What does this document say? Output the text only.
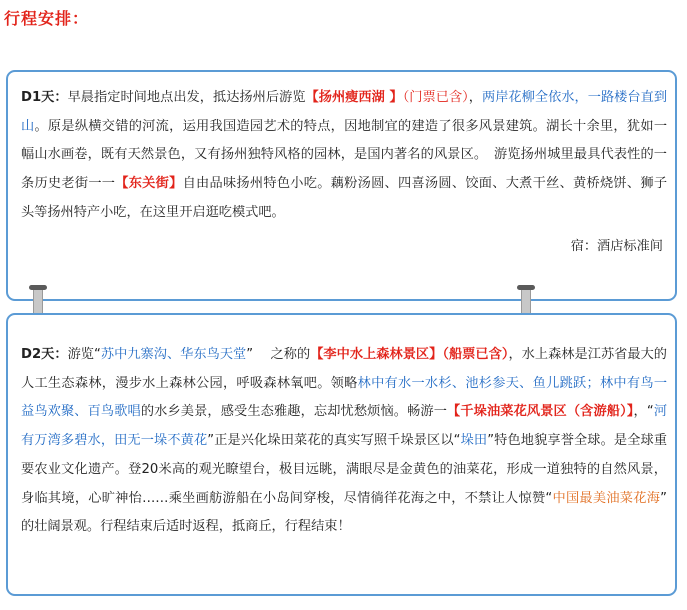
行程安排：
D1天：早晨指定时间地点出发，抵达扬州后游览【扬州瘦西湖 】（门票已含），两岸花柳全依水，一路楼台直到山。原是纵横交错的河流，运用我国造园艺术的特点，因地制宜的建造了很多风景建筑。湖长十余里，犹如一幅山水画卷，既有天然景色，又有扬州独特风格的园林，是国内著名的风景区。　游览扬州城里最具代表性的一条历史老街一一【东关街】自由品味扬州特色小吃。藕粉汤圆、四喜汤圆、饺面、大煮干丝、黄桥烧饼、狮子头等扬州特产小吃，在这里开启逛吃模式吧。
宿：酒店标准间
D2天：游览“苏中九寨沟、华东鸟天堂” 　之称的【李中水上森林景区】（船票已含），水上森林是江苏省最大的人工生态森林，漫步水上森林公园，呼吸森林氧吧。领略林中有水一水杉、池杉参天、鱼儿跳跃；林中有鸟一益鸟欢聚、百鸟歌唱的水乡美景，感受生态雅趣，忘却忧愁烦恼。畅游一【千垛油菜花风景区（含游船）】，“河有万湾多碧水，田无一垛不黄花”正是兴化垛田菜花的真实写照千垛景区以“垛田”特色地貌享誉全球。是全球重要农业文化遗产。登20米高的观光瞭望台，极目远眺，满眼尽是金黄色的油菜花，形成一道独特的自然风景，身临其境，心旷神怡……乘坐画舫游船在小岛间穿梭，尽情徜徉花海之中，不禁让人惊赞“中国最美油菜花海” 的壮阔景观。行程结束后适时返程，抵商丘，行程结束！
